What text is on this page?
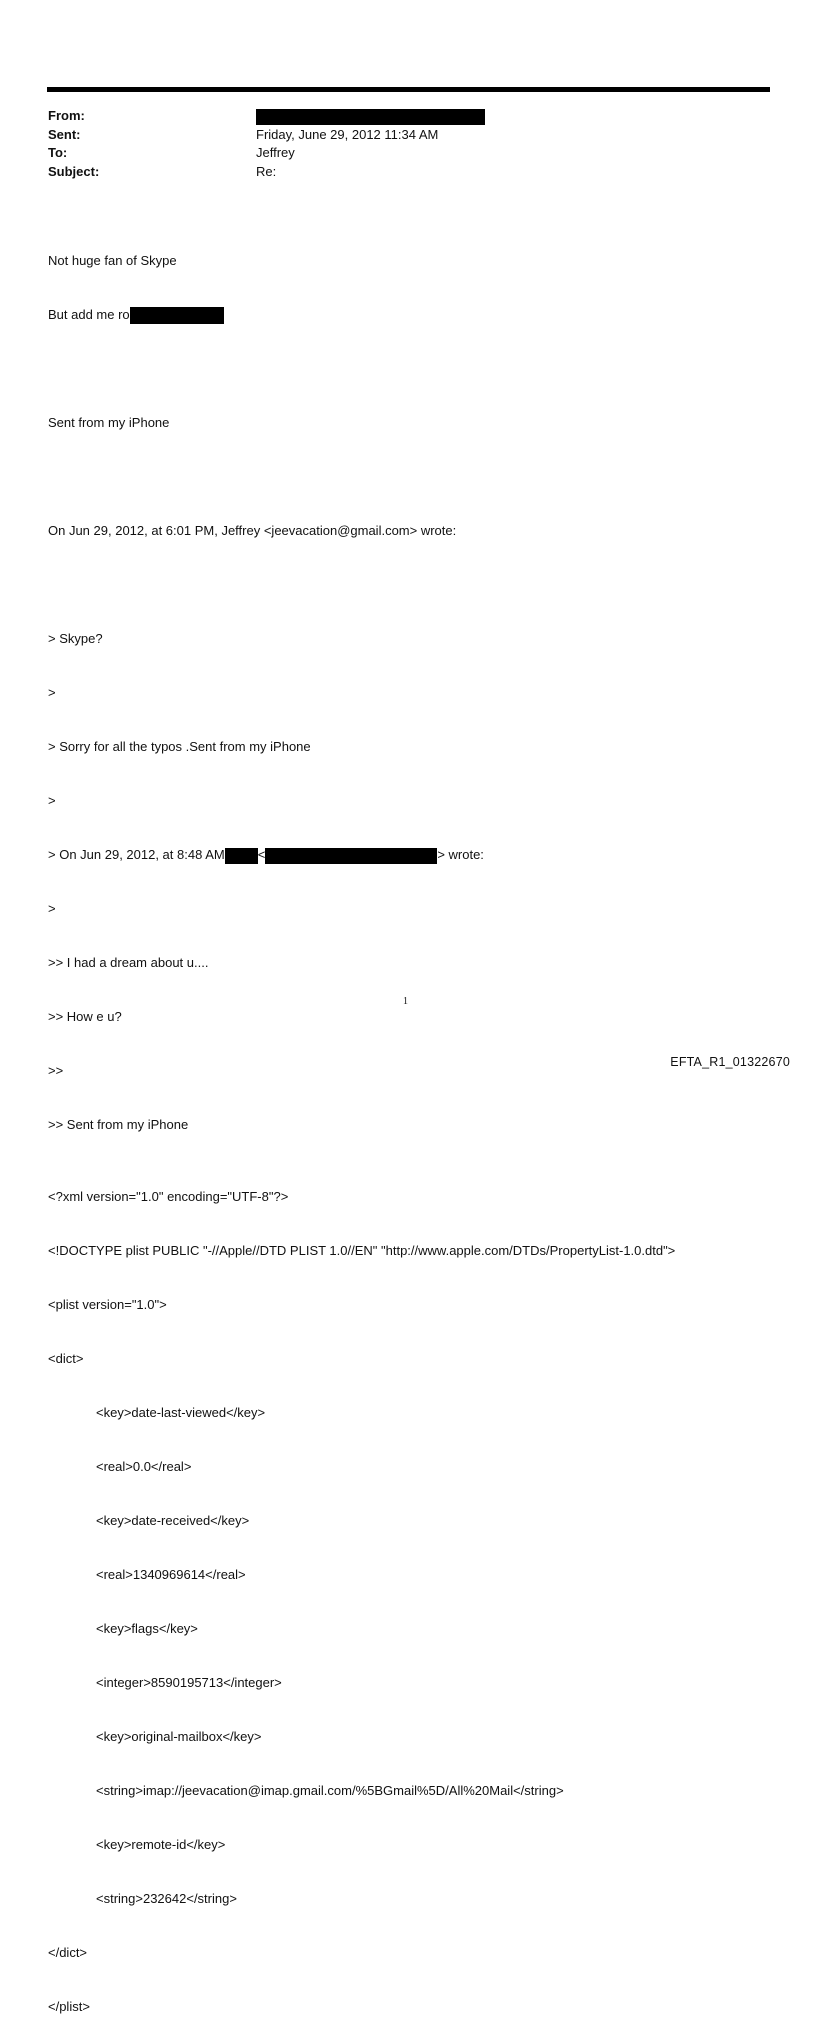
From:
Sent:	Friday, June 29, 2012 11:34 AM
To:	Jeffrey
Subject:	Re:

Not huge fan of Skype

But add me ro

Sent from my iPhone

On Jun 29, 2012, at 6:01 PM, Jeffrey <jeevacation@gmail.com> wrote:

> Skype?

>

> Sorry for all the typos .Sent from my iPhone

>

> On Jun 29, 2012, at 8:48 AM	<	> wrote:

>

>> I had a dream about u....

>> How e u?

>>

>> Sent from my iPhone

<?xml version="1.0" encoding="UTF-8"?>

<!DOCTYPE plist PUBLIC "-//Apple//DTD PLIST 1.0//EN" "http://www.apple.com/DTDs/PropertyList-1.0.dtd">

<plist version="1.0">

<dict>

<key>date-last-viewed</key>

<real>0.0</real>

<key>date-received</key>

<real>1340969614</real>

<key>flags</key>

<integer>8590195713</integer>

<key>original-mailbox</key>

<string>imap://jeevacation@imap.gmail.com/%5BGmail%5D/All%20Mail</string>

<key>remote-id</key>

<string>232642</string>

</dict>

</plist>

1
EFTA_R1_01322670
